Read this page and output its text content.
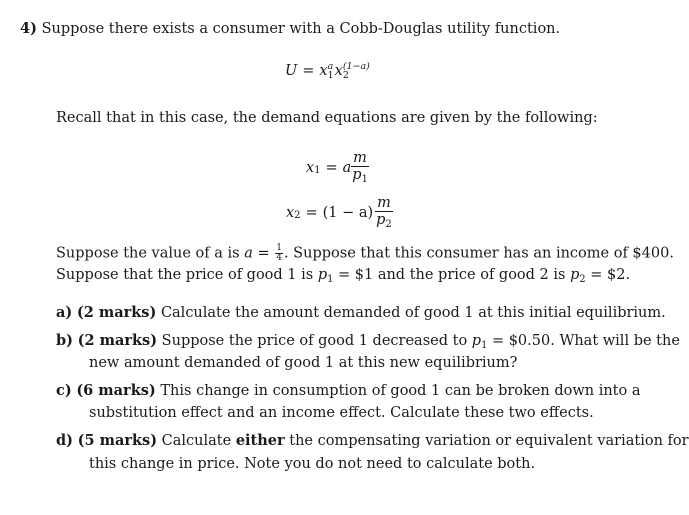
4) Suppose there exists a consumer with a Cobb-Douglas utility function.
U = x a
1 x (1−a)
2
Recall that in this case, the demand equations are given by the following:
x 1 = a $\frac{m}{p_1}$
x $2 = (1 - a) \frac{m}{p_2}$
Suppose the value of a is $a = \frac{1}{4}$ . Suppose that this consumer has an income of $400.
Suppose that the price of good 1 is $p_1$ = $1 and the price of good 2 is $p_2$ = $2.
a) (2 marks) Calculate the amount demanded of good 1 at this initial equilibrium.
b) (2 marks) Suppose the price of good 1 decreased to $p_1$ = $0.50. What will be the
new amount demanded of good 1 at this new equilibrium?
c) (6 marks) This change in consumption of good 1 can be broken down into a
substitution effect and an income effect. Calculate these two effects.
d) (5 marks) Calculate either the compensating variation or equivalent variation for
this change in price. Note you do not need to calculate both.
